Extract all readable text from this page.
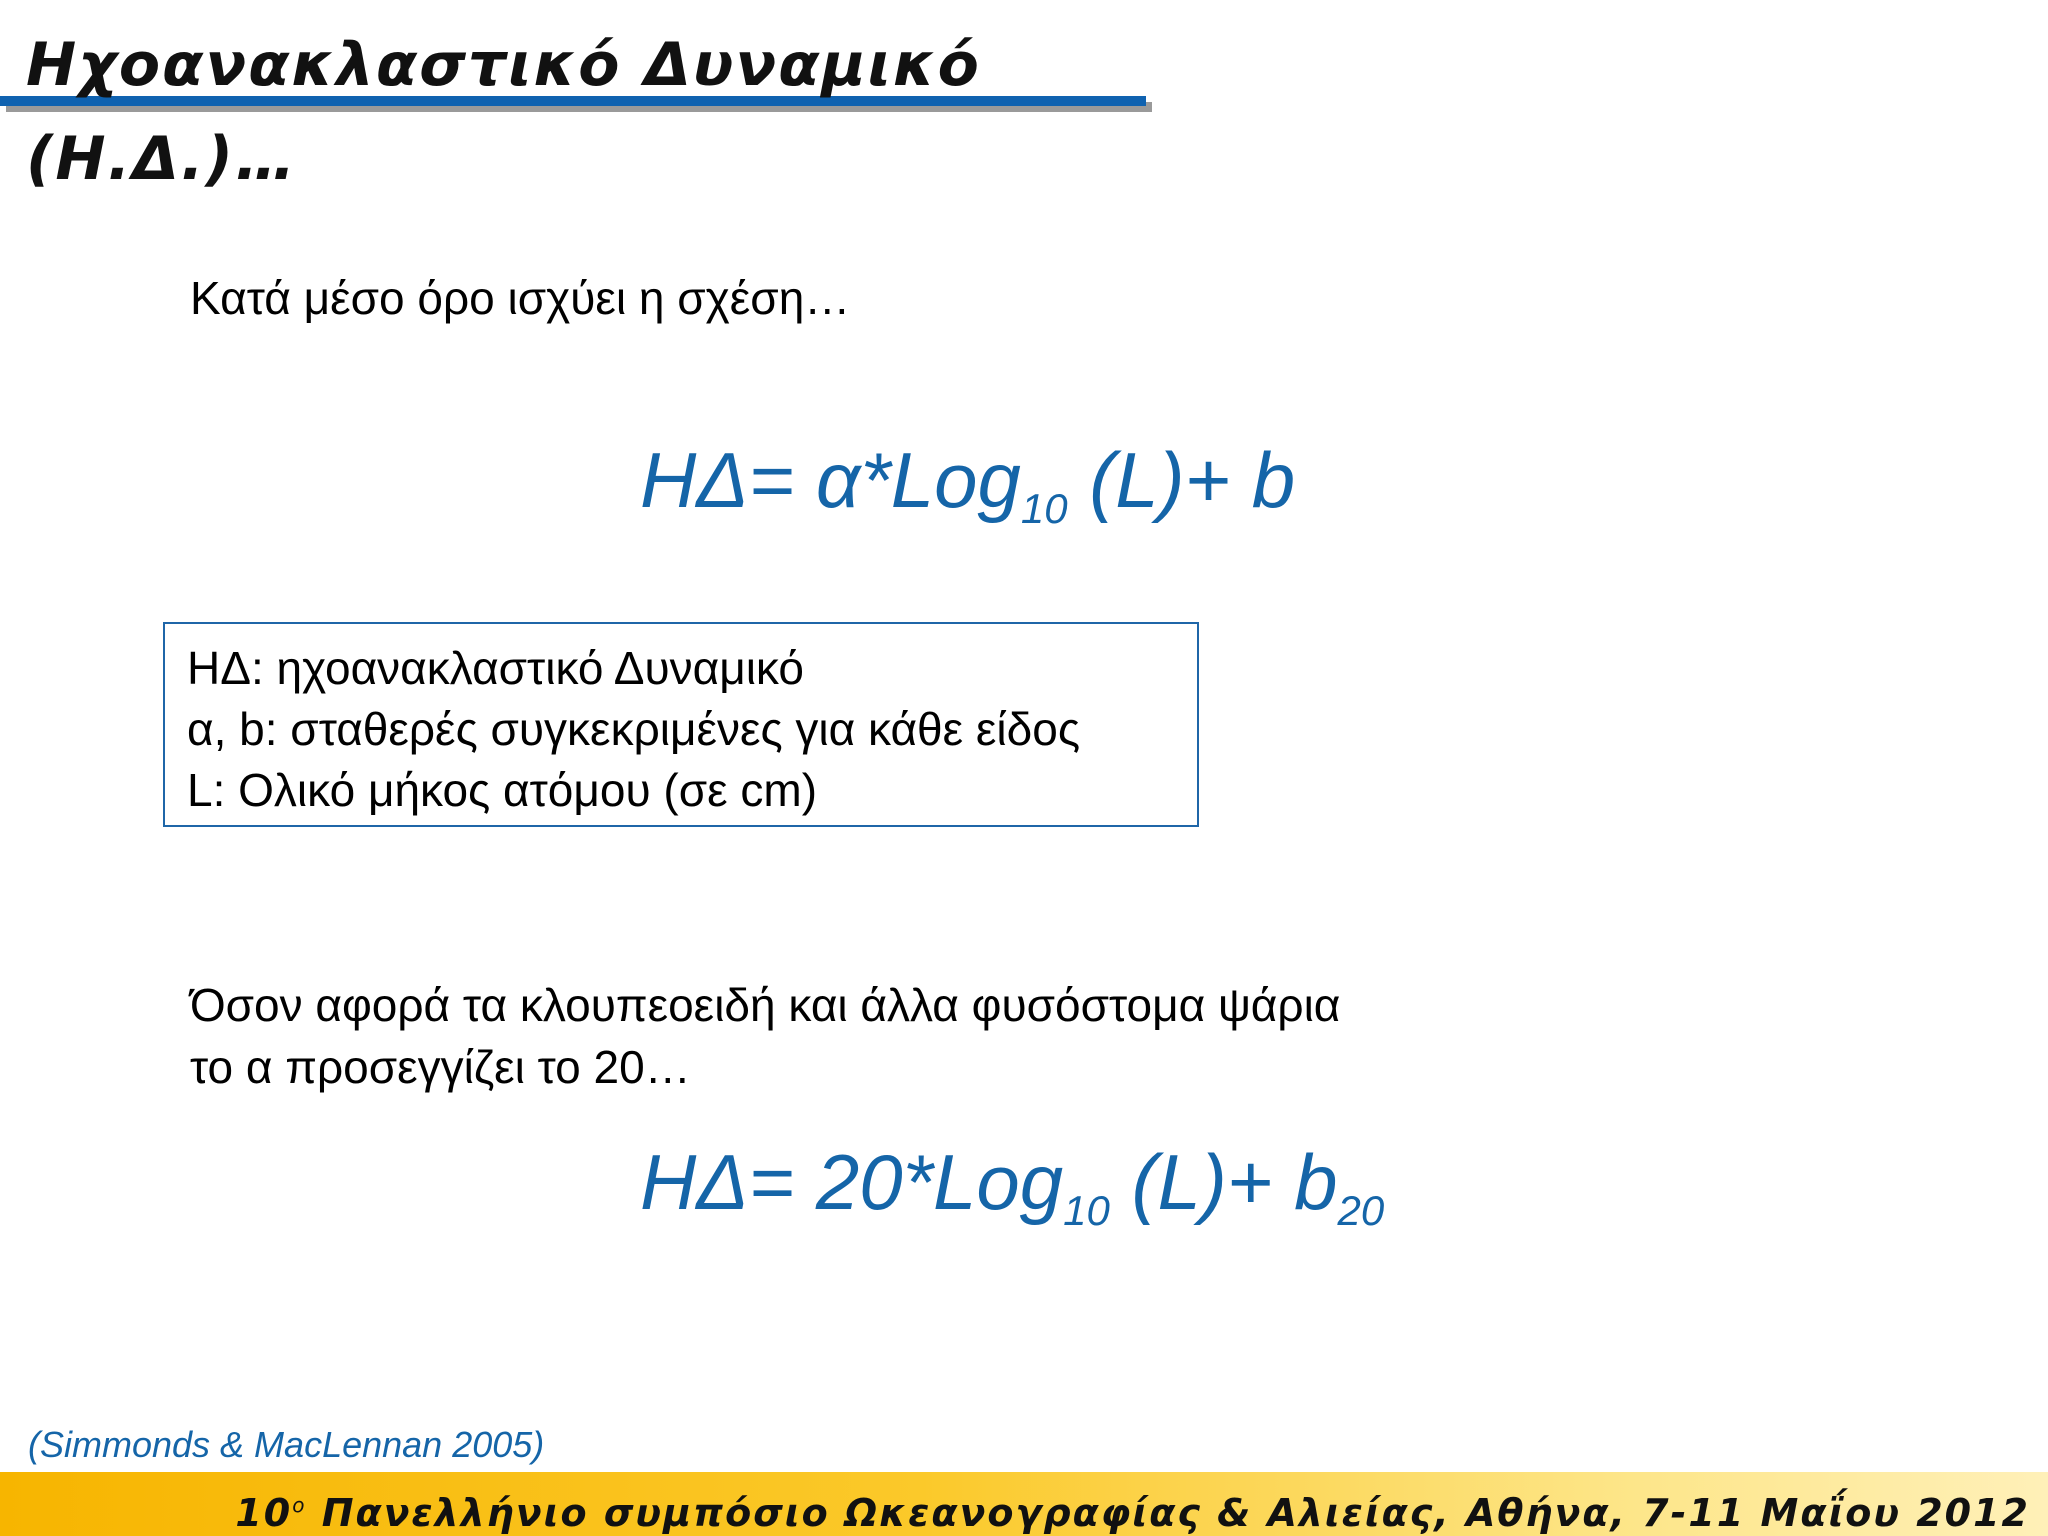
Ηχοανακλαστικό Δυναμικό (Η.Δ.)…
Κατά μέσο όρο ισχύει η σχέση…
ΗΔ= α*Log$_{10}$ (L)+ b
ΗΔ: ηχοανακλαστικό Δυναμικό
α, b: σταθερές συγκεκριμένες για κάθε είδος
L: Ολικό μήκος ατόμου (σε cm)
Όσον αφορά τα κλουπεοειδή και άλλα φυσόστομα ψάρια
το α προσεγγίζει το 20…
ΗΔ= 20*Log$_{10}$ $(L)+ b_{20}$
(Simmonds & MacLennan 2005)
$10^o$ Πανελλήνιο συμπόσιο Ωκεανογραφίας & Αλιείας, Αθήνα, 7-11 Μαΐου 2012
